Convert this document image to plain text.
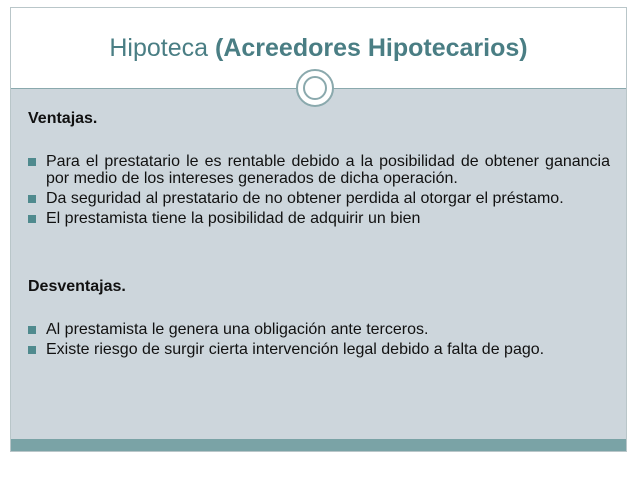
Hipoteca (Acreedores Hipotecarios)
Ventajas.
Para el prestatario le es rentable debido a la posibilidad de obtener ganancia por medio de los intereses generados de dicha operación.
Da seguridad al prestatario de no obtener perdida al otorgar el préstamo.
El prestamista tiene la posibilidad de adquirir un bien
Desventajas.
Al prestamista le genera una obligación ante terceros.
Existe riesgo de surgir cierta intervención legal debido a falta de pago.
